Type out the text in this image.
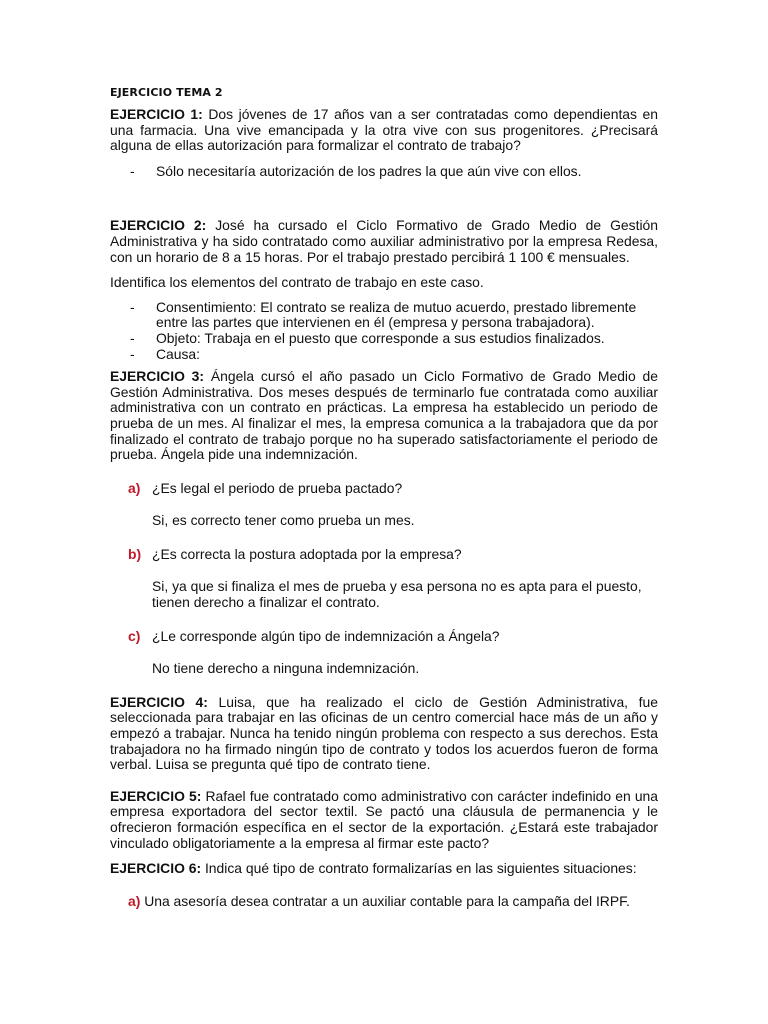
EJERCICIO TEMA 2

EJERCICIO 1: Dos jóvenes de 17 años van a ser contratadas como dependientas en una farmacia. Una vive emancipada y la otra vive con sus progenitores. ¿Precisará alguna de ellas autorización para formalizar el contrato de trabajo?

- Sólo necesitaría autorización de los padres la que aún vive con ellos.

EJERCICIO 2: José ha cursado el Ciclo Formativo de Grado Medio de Gestión Administrativa y ha sido contratado como auxiliar administrativo por la empresa Redesa, con un horario de 8 a 15 horas. Por el trabajo prestado percibirá 1 100 € mensuales.

Identifica los elementos del contrato de trabajo en este caso.

- Consentimiento: El contrato se realiza de mutuo acuerdo, prestado libremente entre las partes que intervienen en él (empresa y persona trabajadora).
- Objeto: Trabaja en el puesto que corresponde a sus estudios finalizados.
- Causa:

EJERCICIO 3: Ángela cursó el año pasado un Ciclo Formativo de Grado Medio de Gestión Administrativa. Dos meses después de terminarlo fue contratada como auxiliar administrativa con un contrato en prácticas. La empresa ha establecido un periodo de prueba de un mes. Al finalizar el mes, la empresa comunica a la trabajadora que da por finalizado el contrato de trabajo porque no ha superado satisfactoriamente el periodo de prueba. Ángela pide una indemnización.

a) ¿Es legal el periodo de prueba pactado?
Si, es correcto tener como prueba un mes.
b) ¿Es correcta la postura adoptada por la empresa?
Si, ya que si finaliza el mes de prueba y esa persona no es apta para el puesto, tienen derecho a finalizar el contrato.
c) ¿Le corresponde algún tipo de indemnización a Ángela?
No tiene derecho a ninguna indemnización.

EJERCICIO 4: Luisa, que ha realizado el ciclo de Gestión Administrativa, fue seleccionada para trabajar en las oficinas de un centro comercial hace más de un año y empezó a trabajar. Nunca ha tenido ningún problema con respecto a sus derechos. Esta trabajadora no ha firmado ningún tipo de contrato y todos los acuerdos fueron de forma verbal. Luisa se pregunta qué tipo de contrato tiene.

EJERCICIO 5: Rafael fue contratado como administrativo con carácter indefinido en una empresa exportadora del sector textil. Se pactó una cláusula de permanencia y le ofrecieron formación específica en el sector de la exportación. ¿Estará este trabajador vinculado obligatoriamente a la empresa al firmar este pacto?

EJERCICIO 6: Indica qué tipo de contrato formalizarías en las siguientes situaciones:

a) Una asesoría desea contratar a un auxiliar contable para la campaña del IRPF.
